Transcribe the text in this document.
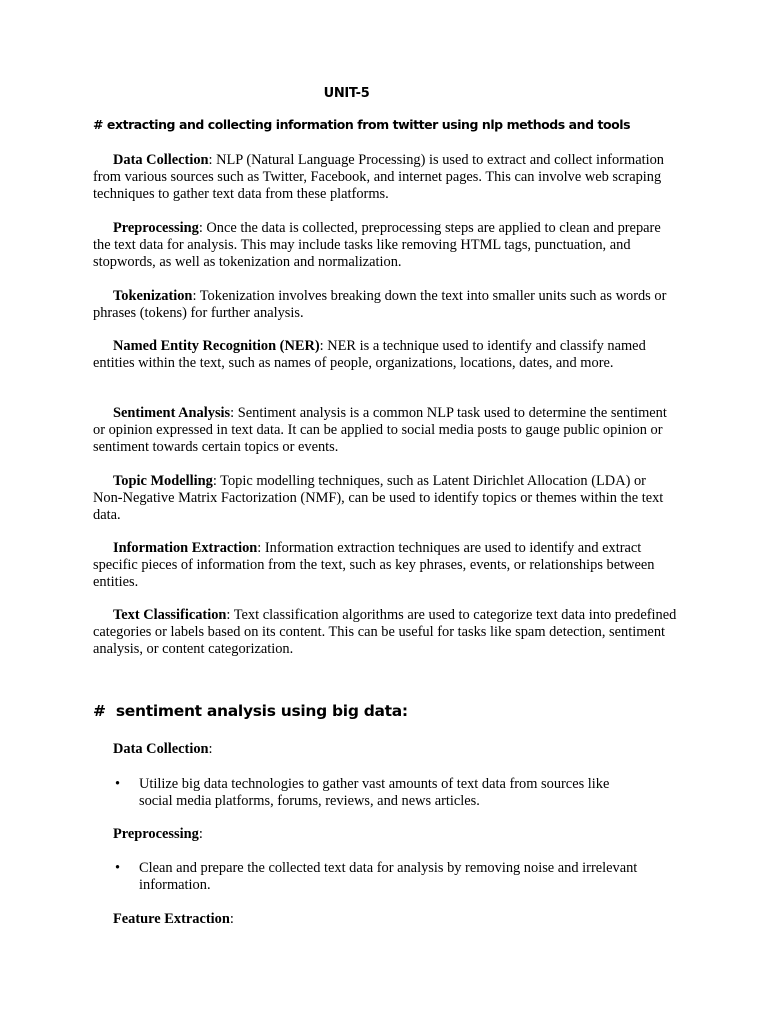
UNIT-5
# extracting and collecting information from twitter using nlp methods and tools
Data Collection: NLP (Natural Language Processing) is used to extract and collect information from various sources such as Twitter, Facebook, and internet pages. This can involve web scraping techniques to gather text data from these platforms.
Preprocessing: Once the data is collected, preprocessing steps are applied to clean and prepare the text data for analysis. This may include tasks like removing HTML tags, punctuation, and stopwords, as well as tokenization and normalization.
Tokenization: Tokenization involves breaking down the text into smaller units such as words or phrases (tokens) for further analysis.
Named Entity Recognition (NER): NER is a technique used to identify and classify named entities within the text, such as names of people, organizations, locations, dates, and more.
Sentiment Analysis: Sentiment analysis is a common NLP task used to determine the sentiment or opinion expressed in text data. It can be applied to social media posts to gauge public opinion or sentiment towards certain topics or events.
Topic Modelling: Topic modelling techniques, such as Latent Dirichlet Allocation (LDA) or Non-Negative Matrix Factorization (NMF), can be used to identify topics or themes within the text data.
Information Extraction: Information extraction techniques are used to identify and extract specific pieces of information from the text, such as key phrases, events, or relationships between entities.
Text Classification: Text classification algorithms are used to categorize text data into predefined categories or labels based on its content. This can be useful for tasks like spam detection, sentiment analysis, or content categorization.
#  sentiment analysis using big data:
Data Collection:
• Utilize big data technologies to gather vast amounts of text data from sources like social media platforms, forums, reviews, and news articles.
Preprocessing:
• Clean and prepare the collected text data for analysis by removing noise and irrelevant information.
Feature Extraction:
